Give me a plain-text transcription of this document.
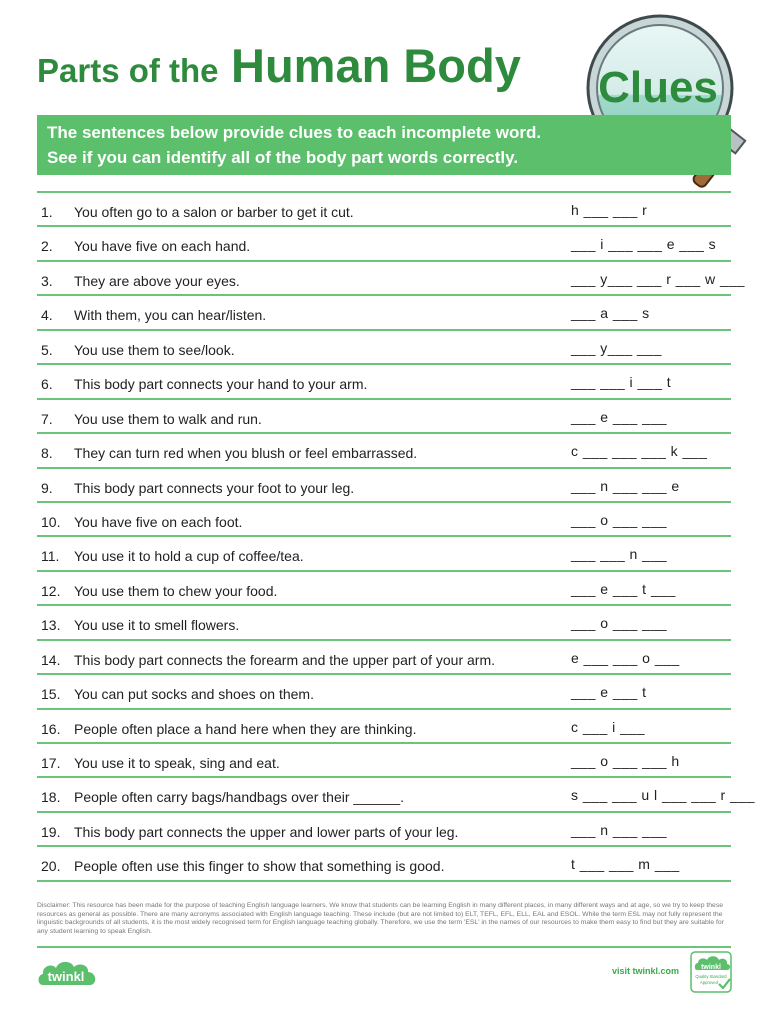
Parts of the Human Body Clues
The sentences below provide clues to each incomplete word.
See if you can identify all of the body part words correctly.
1. You often go to a salon or barber to get it cut.	h ___ ___ r
2. You have five on each hand.	___ i ___ ___ e ___ s
3. They are above your eyes.	___ y___ ___ r ___ w ___
4. With them, you can hear/listen.	___ a ___ s
5. You use them to see/look.	___ y___ ___
6. This body part connects your hand to your arm.	___ ___ i ___ t
7. You use them to walk and run.	___ e ___ ___
8. They can turn red when you blush or feel embarrassed.	c ___ ___ ___ k ___
9. This body part connects your foot to your leg.	___ n ___ ___ e
10. You have five on each foot.	___ o ___ ___
11. You use it to hold a cup of coffee/tea.	___ ___ n ___
12. You use them to chew your food.	___ e ___ t ___
13. You use it to smell flowers.	___ o ___ ___
14. This body part connects the forearm and the upper part of your arm.	e ___ ___ o ___
15. You can put socks and shoes on them.	___ e ___ t
16. People often place a hand here when they are thinking.	c ___ i ___
17. You use it to speak, sing and eat.	___ o ___ ___ h
18. People often carry bags/handbags over their ______.	s ___ ___ u l ___ ___ r ___
19. This body part connects the upper and lower parts of your leg.	___ n ___ ___
20. People often use this finger to show that something is good.	t ___ ___ m ___
Disclaimer: This resource has been made for the purpose of teaching English language learners. We know that students can be learning English in many different places, in many different ways and at age, so we try to keep these resources as general as possible. There are many acronyms associated with English language teaching. These include (but are not limited to) ELT, TEFL, EFL, ELL, EAL and ESOL. While the term ESL may not fully represent the linguistic backgrounds of all students, it is the most widely recognised term for English language teaching globally. Therefore, we use the term 'ESL' in the names of our resources to make them easy to find but they are suitable for any student learning to speak English.
twinkl	visit twinkl.com	twinkl
Quality Standard
Approved
